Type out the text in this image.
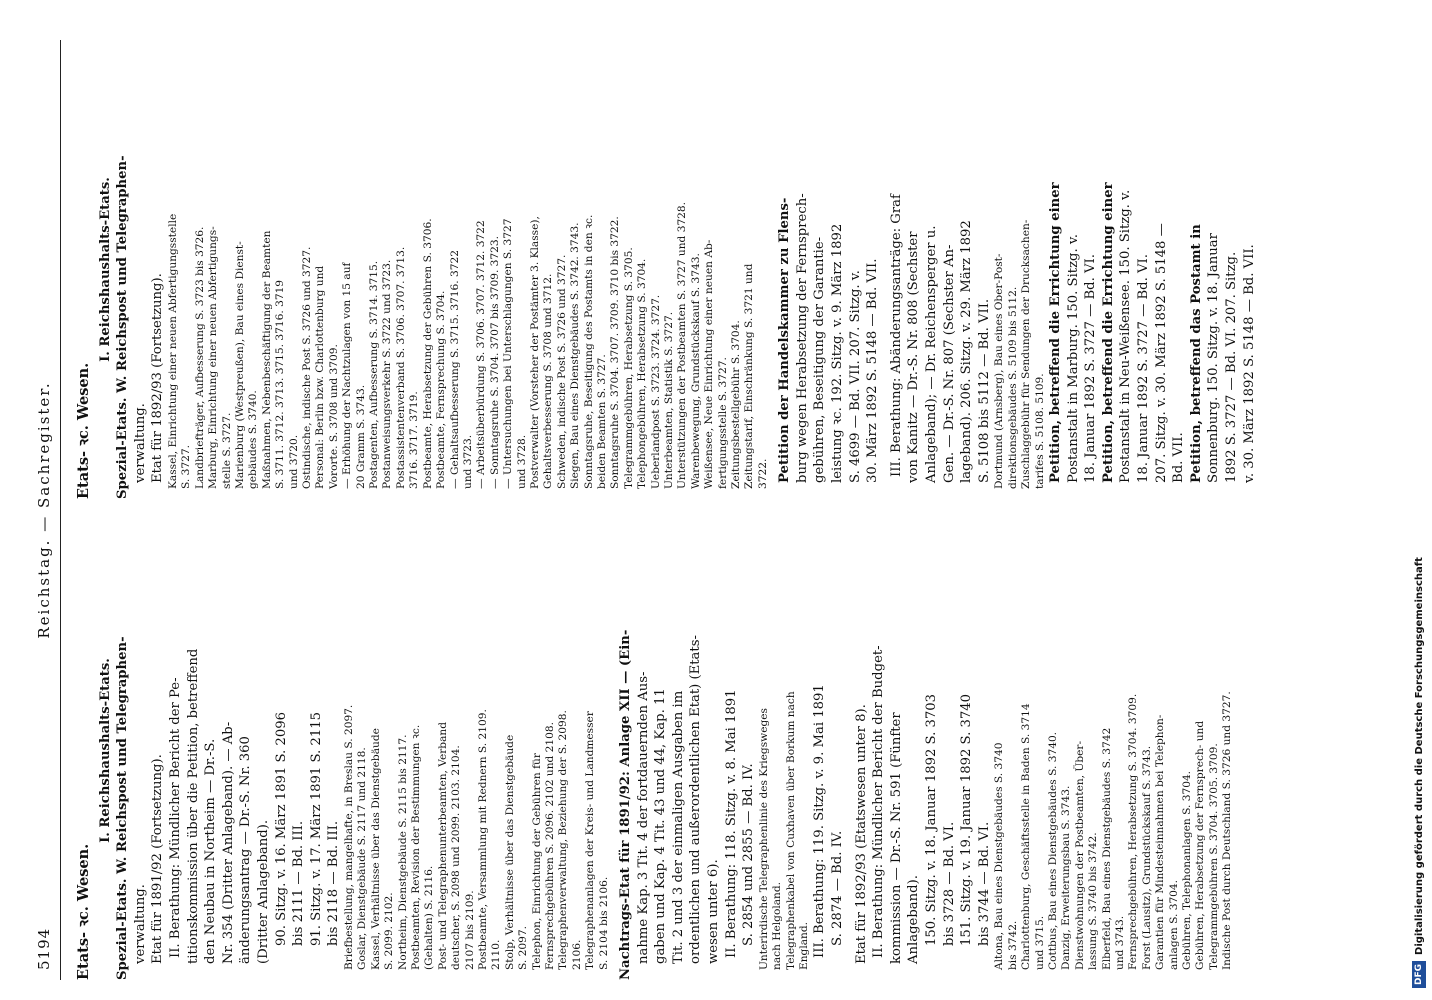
5194
Reichstag. — Sachregister.

Etats- ꝛc. Wesen.

I. Reichshaushalts-Etats. Spezial-Etats. W. Reichspost und Telegraphen- verwaltung. Etat für 1891/92 (Fortsetzung). II. Berathung: Mündlicher Bericht der Pe- titionskommission über die Petition, betreffend den Neubau in Northeim — Dr.-S. Nr. 354 (Dritter Anlageband). — Ab- änderungsantrag — Dr.-S. Nr. 360 (Dritter Anlageband). 90. Sitzg. v. 16. März 1891 S. 2096 bis 2111 — Bd. III. 91. Sitzg. v. 17. März 1891 S. 2115 bis 2118 — Bd. III. Briefbestellung, mangelhafte, in Breslau S. 2097. Goslar, Dienstgebäude S. 2117 und 2118. Kassel, Verhältnisse über das Dienstgebäude S. 2099. 2102. Northeim, Dienstgebäude S. 2115 bis 2117. Postbeamten, Revision der Bestimmungen ꝛc. (Gehalten) S. 2116. Post- und Telegraphenunterbeamten, Verband deutscher, S. 2098 und 2099. 2103. 2104. 2107 bis 2109. Postbeamte, Versammlung mit Rednern S. 2109. 2110. Stolp, Verhältnisse über das Dienstgebäude S. 2097. Telephon, Einrichtung der Gebühren für Fernsprechgebühren S. 2096. 2102 und 2108. Telegraphenverwaltung, Beziehung der S. 2098. 2106. Telegraphenanlagen der Kreis- und Landmesser S. 2104 bis 2106. Nachtrags-Etat für 1891/92: Anlage XII — (Ein- nahme Kap. 3 Tit. 4 der fortdauernden Aus- gaben und Kap. 4 Tit. 43 und 44, Kap. 11 Tit. 2 und 3 der einmaligen Ausgaben im ordentlichen und außerordentlichen Etat) (Etats- wesen unter 6). II. Berathung: 118. Sitzg. v. 8. Mai 1891 S. 2854 und 2855 — Bd. IV. Unterirdische Telegraphenlinie des Kriegsweges nach Helgoland. Telegraphenkabel von Cuxhaven über Borkum nach England. III. Berathung: 119. Sitzg. v. 9. Mai 1891 S. 2874 — Bd. IV. Etat für 1892/93 (Etatswesen unter 8). II. Berathung: Mündlicher Bericht der Budget- kommission — Dr.-S. Nr. 591 (Fünfter Anlageband). 150. Sitzg. v. 18. Januar 1892 S. 3703 bis 3728 — Bd. VI. 151. Sitzg. v. 19. Januar 1892 S. 3740 bis 3744 — Bd. VI. Altona, Bau eines Dienstgebäudes S. 3740 bis 3742. Charlottenburg, Geschäftsstelle in Baden S. 3714 und 3715. Cottbus, Bau eines Dienstgebäudes S. 3740. Danzig, Erweiterungsbau S. 3743. Dienstwohnungen der Postbeamten, Über- lassung S. 3740 bis 3742. Elberfeld, Bau eines Dienstgebäudes S. 3742 und 3743. Fernsprechgebühren, Herabsetzung S. 3704. 3709. Forst (Lausitz), Grundstückskauf S. 3743. Garantien für Mindesteinnahmen bei Telephon- anlagen S. 3704. Gebühren, Telephonanlagen S. 3704. Gebühren, Herabsetzung der Fernsprech- und Telegrammgebühren S. 3704. 3705. 3709. Indische Post durch Deutschland S. 3726 und 3727.

Etats- ꝛc. Wesen.

I. Reichshaushalts-Etats. Spezial-Etats. W. Reichspost und Telegraphen- verwaltung. Etat für 1892/93 (Fortsetzung). Kassel, Einrichtung einer neuen Abfertigungsstelle S. 3727. Landbriefträger, Aufbesserung S. 3723 bis 3726. Marburg, Einrichtung einer neuen Abfertigungs- stelle S. 3727. Marienburg (Westpreußen), Bau eines Dienst- gebäudes S. 3740. Maßnahmen, Nebenbeschäftigung der Beamten S. 3711. 3712. 3713. 3715. 3716. 3719 und 3720. Ostindische, indische Post S. 3726 und 3727. Personal: Berlin bzw. Charlottenburg und Vororte. S. 3708 und 3709. — Erhöhung der Nachtzulagen von 15 auf 20 Gramm S. 3743. Postagenten, Aufbesserung S. 3714. 3715. Postanweisungsverkehr S. 3722 und 3723. Postassistentenverband S. 3706. 3707. 3713. 3716. 3717. 3719. Postbeamte, Herabsetzung der Gebühren S. 3706. Postbeamte, Fernsprechung S. 3704. — Gehaltsaufbesserung S. 3715. 3716. 3722 und 3723. — Arbeitsüberbürdung S. 3706. 3707. 3712. 3722 — Sonntagsruhe S. 3704. 3707 bis 3709. 3723. — Untersuchungen bei Unterschlagungen S. 3727 und 3728. Postverwalter (Vorsteher der Postämter 3. Klasse), Gehaltsverbesserung S. 3708 und 3712. Schweden, indische Post S. 3726 und 3727. Siegen, Bau eines Dienstgebäudes S. 3742. 3743. Sonntagsruhe, Beseitigung des Postamts in den ꝛc. beiden Beamten S. 3727. Sonntagsruhe S. 3704. 3707. 3709. 3710 bis 3722. Telegrammgebühren, Herabsetzung S. 3705. Telephongebühren, Herabsetzung S. 3704. Ueberlandpost S. 3723. 3724. 3727. Unterbeamten, Statistik S. 3727. Unterstützungen der Postbeamten S. 3727 und 3728. Warenbewegung, Grundstückskauf S. 3743. Weißensee, Neue Einrichtung einer neuen Ab- fertigungsstelle S. 3727. Zeitungsbestellgebühr S. 3704. Zeitungstarif, Einschränkung S. 3721 und 3722. Petition der Handelskammer zu Flens- burg wegen Herabsetzung der Fernsprech- gebühren, Beseitigung der Garantie- leistung ꝛc. 192. Sitzg. v. 9. März 1892 S. 4699 — Bd. VII. 207. Sitzg. v. 30. März 1892 S. 5148 — Bd. VII. III. Berathung: Abänderungsanträge: Graf von Kanitz — Dr.-S. Nr. 808 (Sechster Anlageband); — Dr. Reichensperger u. Gen. — Dr.-S. Nr. 807 (Sechster An- lageband). 206. Sitzg. v. 29. März 1892 S. 5108 bis 5112 — Bd. VII. Dortmund (Arnsberg), Bau eines Ober-Post- direktionsgebäudes S. 5109 bis 5112. Zuschlaggebühr für Sendungen der Drucksachen- tarifes S. 5108. 5109. Petition, betreffend die Errichtung einer Postanstalt in Marburg. 150. Sitzg. v. 18. Januar 1892 S. 3727 — Bd. VI. Petition, betreffend die Errichtung einer Postanstalt in Neu-Weißensee. 150. Sitzg. v. 18. Januar 1892 S. 3727 — Bd. VI. 207. Sitzg. v. 30. März 1892 S. 5148 — Bd. VII. Petition, betreffend das Postamt in Sonnenburg. 150. Sitzg. v. 18. Januar 1892 S. 3727 — Bd. VI. 207. Sitzg. v. 30. März 1892 S. 5148 — Bd. VII.

DFGDigitalisierung gefördert durch die Deutsche Forschungsgemeinschaft
